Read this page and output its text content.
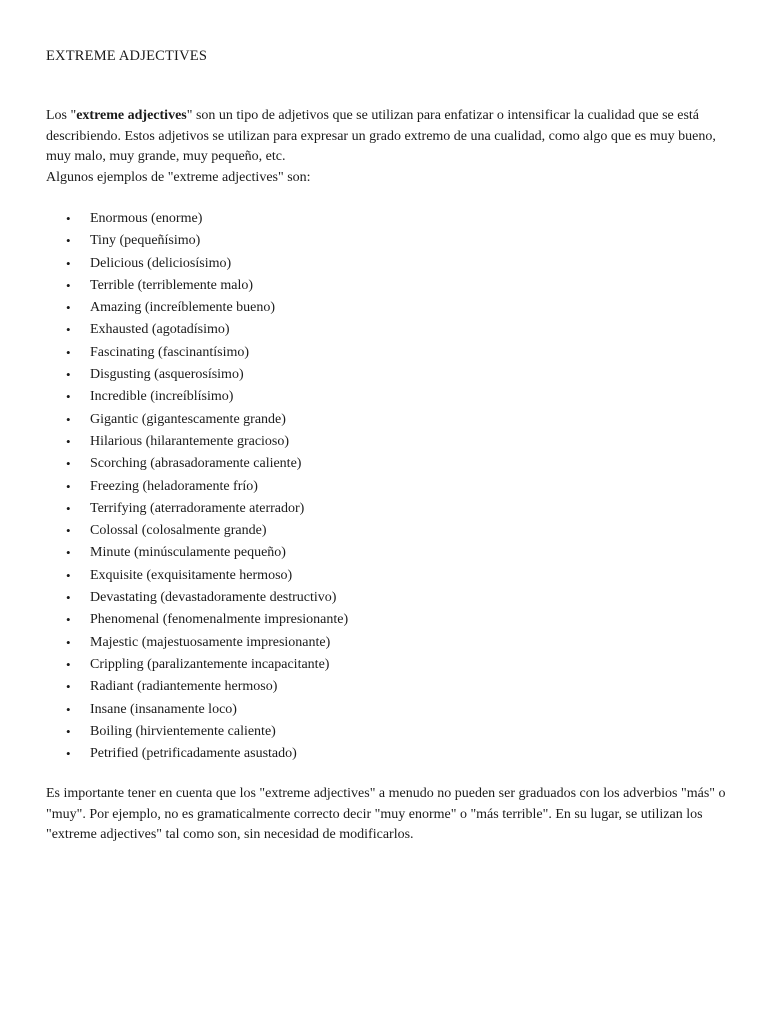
EXTREME ADJECTIVES

Los "extreme adjectives" son un tipo de adjetivos que se utilizan para enfatizar o intensificar la cualidad que se está describiendo. Estos adjetivos se utilizan para expresar un grado extremo de una cualidad, como algo que es muy bueno, muy malo, muy grande, muy pequeño, etc.
Algunos ejemplos de "extreme adjectives" son:

• Enormous (enorme)
• Tiny (pequeñísimo)
• Delicious (deliciosísimo)
• Terrible (terriblemente malo)
• Amazing (increíblemente bueno)
• Exhausted (agotadísimo)
• Fascinating (fascinantísimo)
• Disgusting (asquerosísimo)
• Incredible (increíblísimo)
• Gigantic (gigantescamente grande)
• Hilarious (hilarantemente gracioso)
• Scorching (abrasadoramente caliente)
• Freezing (heladoramente frío)
• Terrifying (aterradoramente aterrador)
• Colossal (colosalmente grande)
• Minute (minúsculamente pequeño)
• Exquisite (exquisitamente hermoso)
• Devastating (devastadoramente destructivo)
• Phenomenal (fenomenalmente impresionante)
• Majestic (majestuosamente impresionante)
• Crippling (paralizantemente incapacitante)
• Radiant (radiantemente hermoso)
• Insane (insanamente loco)
• Boiling (hirvientemente caliente)
• Petrified (petrificadamente asustado)

Es importante tener en cuenta que los "extreme adjectives" a menudo no pueden ser graduados con los adverbios "más" o "muy". Por ejemplo, no es gramaticalmente correcto decir "muy enorme" o "más terrible". En su lugar, se utilizan los "extreme adjectives" tal como son, sin necesidad de modificarlos.
